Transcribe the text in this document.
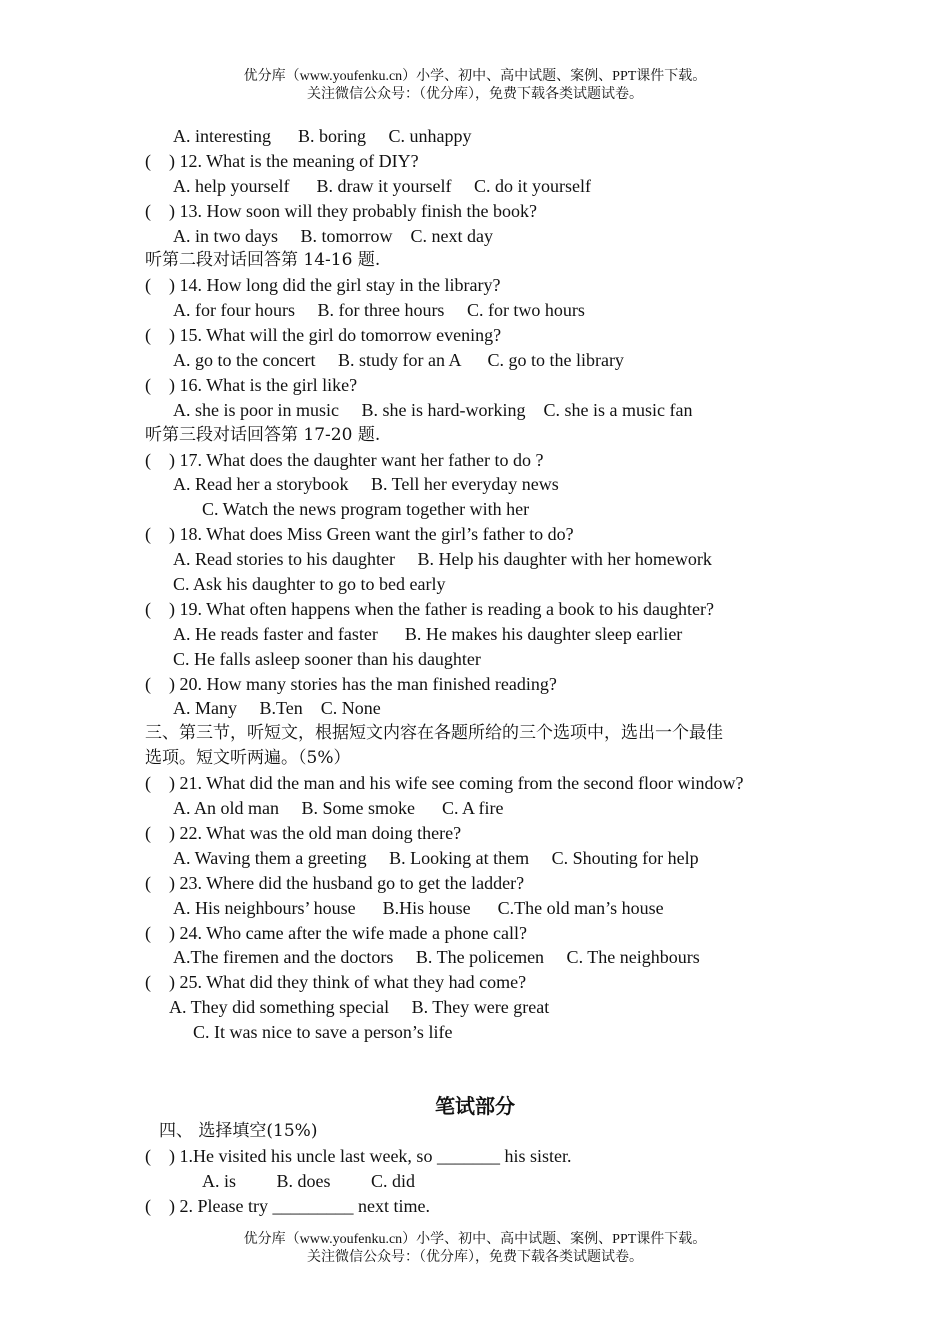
优分库（www.youfenku.cn）小学、初中、高中试题、案例、PPT课件下载。
关注微信公众号：（优分库），免费下载各类试题试卷。
A. interesting      B. boring     C. unhappy
(    ) 12. What is the meaning of DIY?
A. help yourself      B. draw it yourself     C. do it yourself
(    ) 13. How soon will they probably finish the book?
A. in two days     B. tomorrow    C. next day
听第二段对话回答第 14-16 题.
(    ) 14. How long did the girl stay in the library?
A. for four hours     B. for three hours     C. for two hours
(    ) 15. What will the girl do tomorrow evening?
A. go to the concert     B. study for an A      C. go to the library
(    ) 16. What is the girl like?
A. she is poor in music     B. she is hard-working    C. she is a music fan
听第三段对话回答第 17-20 题.
(    ) 17. What does the daughter want her father to do ?
A. Read her a storybook     B. Tell her everyday news
C. Watch the news program together with her
(    ) 18. What does Miss Green want the girl’s father to do?
A. Read stories to his daughter     B. Help his daughter with her homework
C. Ask his daughter to go to bed early
(    ) 19. What often happens when the father is reading a book to his daughter?
A. He reads faster and faster      B. He makes his daughter sleep earlier
C. He falls asleep sooner than his daughter
(    ) 20. How many stories has the man finished reading?
A. Many     B.Ten    C. None
三、第三节，听短文，根据短文内容在各题所给的三个选项中，选出一个最佳
选项。短文听两遍。（5%）
(    ) 21. What did the man and his wife see coming from the second floor window?
A. An old man     B. Some smoke      C. A fire
(    ) 22. What was the old man doing there?
A. Waving them a greeting     B. Looking at them     C. Shouting for help
(    ) 23. Where did the husband go to get the ladder?
A. His neighbours’ house      B.His house      C.The old man’s house
(    ) 24. Who came after the wife made a phone call?
A.The firemen and the doctors     B. The policemen     C. The neighbours
(    ) 25. What did they think of what they had come?
A. They did something special     B. They were great
C. It was nice to save a person’s life
笔试部分
四、 选择填空(15%)
(    ) 1.He visited his uncle last week, so _______ his sister.
A. is         B. does         C. did
(    ) 2. Please try _________ next time.
优分库（www.youfenku.cn）小学、初中、高中试题、案例、PPT课件下载。
关注微信公众号：（优分库），免费下载各类试题试卷。
